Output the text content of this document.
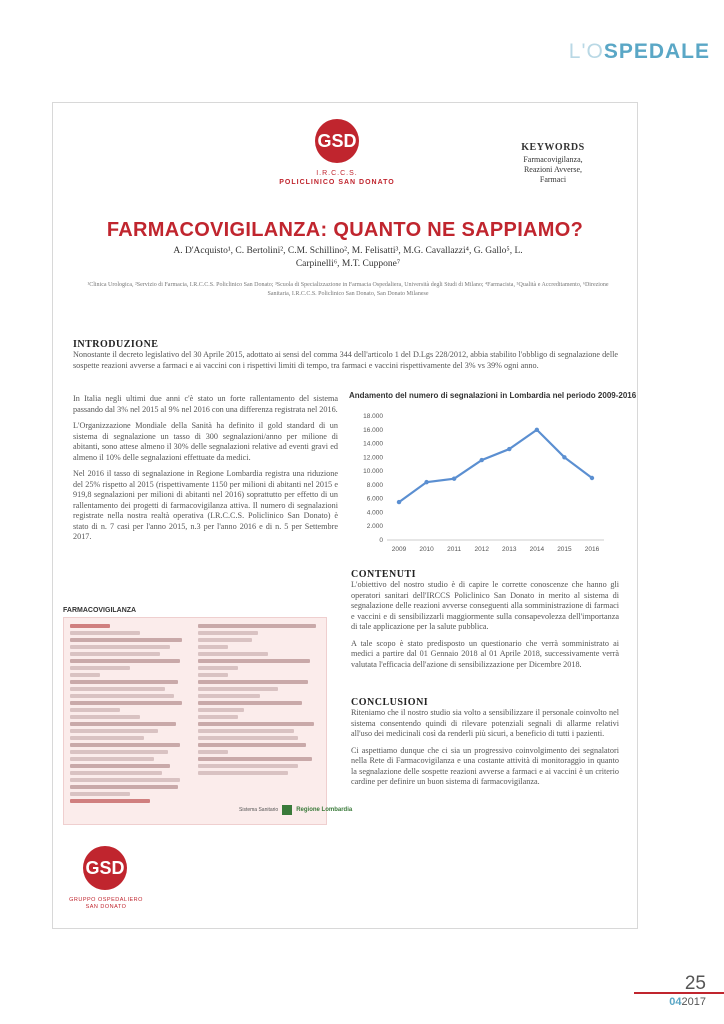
L'OSPEDALE
GSD
I.R.C.C.S.
POLICLINICO SAN DONATO
KEYWORDS
Farmacovigilanza,
Reazioni Avverse,
Farmaci
FARMACOVIGILANZA: QUANTO NE SAPPIAMO?
A. D'Acquisto¹, C. Bertolini², C.M. Schillino², M. Felisatti³, M.G. Cavallazzi⁴, G. Gallo⁵, L. Carpinelli⁶, M.T. Cuppone⁷
¹Clinica Urologica, ²Servizio di Farmacia, I.R.C.C.S. Policlinico San Donato; ³Scuola di Specializzazione in Farmacia Ospedaliera, Università degli Studi di Milano; ⁴Farmacista, ⁵Qualità e Accreditamento, ⁶Direzione Sanitaria, I.R.C.C.S. Policlinico San Donato, San Donato Milanese
INTRODUZIONE

Nonostante il decreto legislativo del 30 Aprile 2015, adottato ai sensi del comma 344 dell'articolo 1 del D.Lgs 228/2012, abbia stabilito l'obbligo di segnalazione delle sospette reazioni avverse a farmaci e ai vaccini con i rispettivi limiti di tempo, tra farmaci e vaccini rispettivamente del 3% vs 39% ogni anno.

In Italia negli ultimi due anni c'è stato un forte rallentamento del sistema passando dal 3% nel 2015 al 9% nel 2016 con una differenza registrata nel 2016.

L'Organizzazione Mondiale della Sanità ha definito il gold standard di un sistema di segnalazione un tasso di 300 segnalazioni/anno per milione di abitanti, sono attese almeno il 30% delle segnalazioni relative ad eventi gravi ed almeno il 10% delle segnalazioni effettuate da medici.

Nel 2016 il tasso di segnalazione in Regione Lombardia registra una riduzione del 25% rispetto al 2015 (rispettivamente 1150 per milioni di abitanti nel 2015 e 919,8 segnalazioni per milioni di abitanti nel 2016) soprattutto per effetto di un rallentamento dei progetti di farmacovigilanza attiva. Il numero di segnalazioni registrate nella nostra realtà operativa (I.R.C.C.S. Policlinico San Donato) è stato di n. 7 casi per l'anno 2015, n.3 per l'anno 2016 e di n. 5 per Settembre 2017.

Andamento del numero di segnalazioni in Lombardia nel periodo 2009-2016
18.000
16.000
14.000
12.000
10.000
8.000
6.000
4.000
2.000
0
2009 2010 2011 2012 2013 2014 2015 2016
FARMACOVIGILANZA
Sistema Sanitario	Regione Lombardia
CONTENUTI

L'obiettivo del nostro studio è di capire le corrette conoscenze che hanno gli operatori sanitari dell'IRCCS Policlinico San Donato in merito al sistema di segnalazione delle reazioni avverse conseguenti alla somministrazione di farmaci e vaccini e di sensibilizzarli maggiormente sulla consapevolezza dell'importanza di tale applicazione per la salute pubblica.

A tale scopo è stato predisposto un questionario che verrà somministrato ai medici a partire dal 01 Gennaio 2018 al 01 Aprile 2018, successivamente verrà valutata l'efficacia dell'azione di sensibilizzazione per Dicembre 2018.

CONCLUSIONI

Riteniamo che il nostro studio sia volto a sensibilizzare il personale coinvolto nel sistema consentendo quindi di rilevare potenziali segnali di allarme relativi all'uso dei medicinali così da renderli più sicuri, a beneficio di tutti i pazienti.

Ci aspettiamo dunque che ci sia un progressivo coinvolgimento dei segnalatori nella Rete di Farmacovigilanza e una costante attività di monitoraggio in quanto la segnalazione delle sospette reazioni avverse a farmaci e ai vaccini è un criterio cardine per definire un buon sistema di farmacovigilanza.

GSD
GRUPPO OSPEDALIERO SAN DONATO
25
042017
